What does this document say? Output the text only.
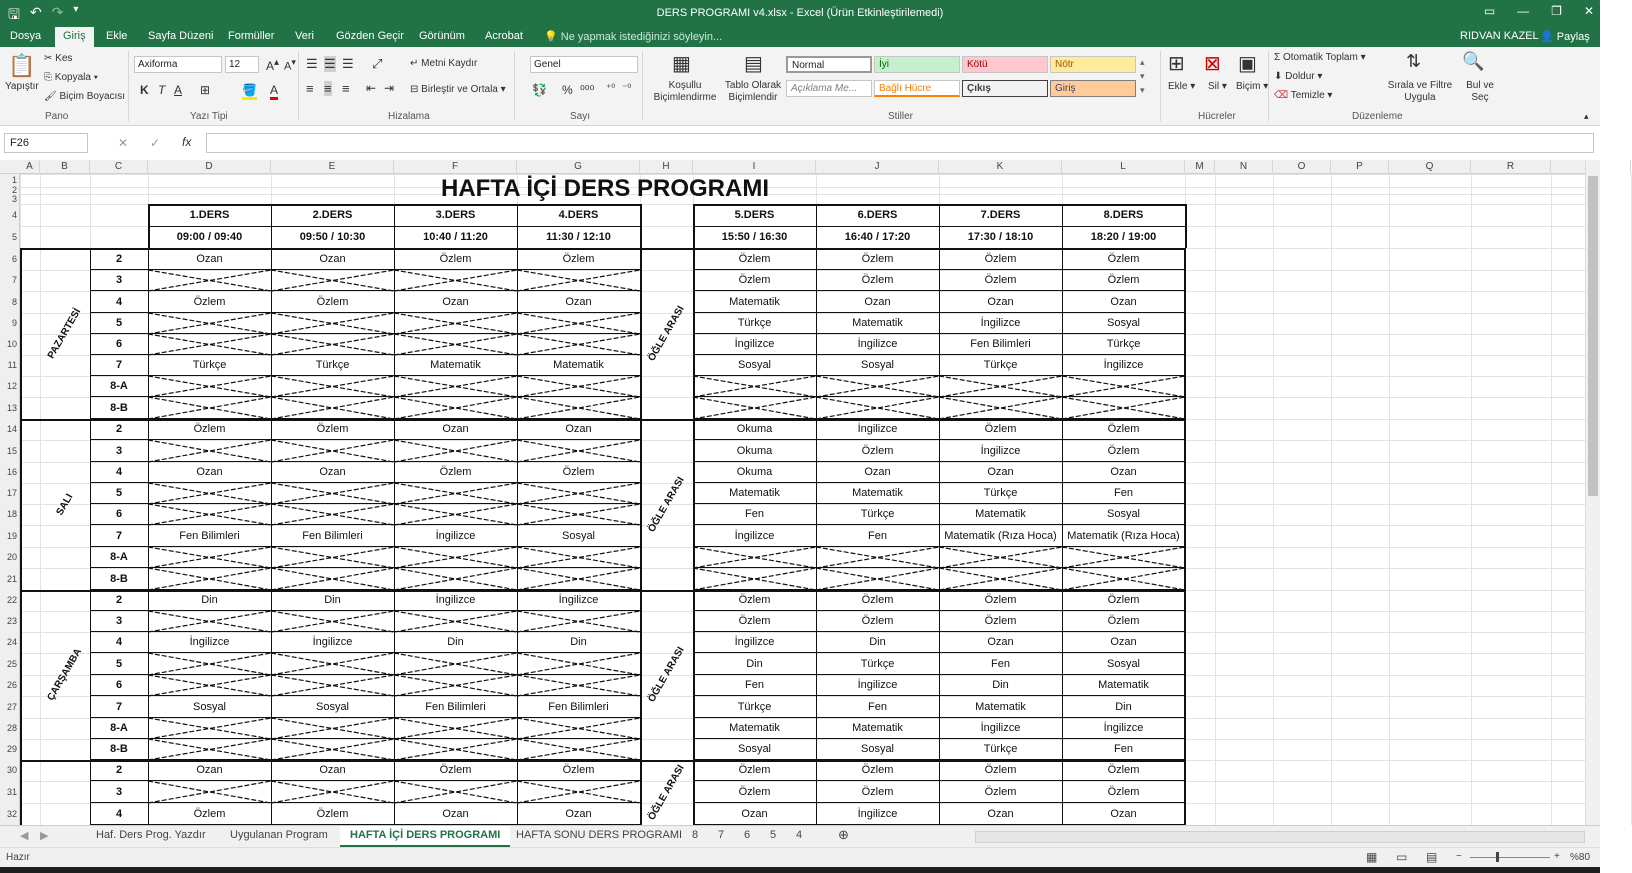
🖫 ↶ ↷ ▾	DERS PROGRAMI v4.xlsx - Excel (Ürün Etkinleştirilemedi)	▭ — ❐ ✕
Dosya	Giriş	Ekle Sayfa Düzeni Formüller Veri Gözden Geçir Görünüm Acrobat 💡 Ne yapmak istediğinizi söyleyin...	RIDVAN KAZEL 👤 Paylaş
📋
Yapıştır
✂ Kes
⎘ Kopyala ▾
🖌 Biçim Boyacısı
Pano
Axiforma	12	A▴ A▾
K T A ⊞	🪣 A
Yazı Tipi
☰ ☰ ☰ ⤢
≡ ≡ ≡ ⇤ ⇥
↵ Metni Kaydır
⊟ Birleştir ve Ortala ▾
Hizalama
Genel
💱 % ⁰⁰⁰ ⁺⁰ ⁻⁰
Sayı
▦
Koşullu Biçimlendirme
▤
Tablo Olarak Biçimlendir
Normal	İyi	Kötü	Nötr
Açıklama Me...	Bağlı Hücre	Çıkış	Giriş
▴
▾
▾
Stiller
⊞
Ekle ▾
⊠
Sil ▾
▣
Biçim ▾
Hücreler
Σ Otomatik Toplam ▾
⬇ Doldur ▾
⌫ Temizle ▾
⇅
Sırala ve Filtre Uygula
🔍
Bul ve Seç
Düzenleme	▴
F26	✕ ✓ fx
A	B	C	D	E	F	G	H	I	J	K	L	M	N	O	P	Q	R
1
2
3
4
5
6
7
8
9
10
11
12
13
14
15
16
17
18
19
20
21
22
23
24
25
26
27
28
29
30
31
32
HAFTA İÇİ DERS PROGRAMI
1.DERS
09:00 / 09:40
2.DERS
09:50 / 10:30
3.DERS
10:40 / 11:20
4.DERS
11:30 / 12:10
5.DERS
15:50 / 16:30
6.DERS
16:40 / 17:20
7.DERS
17:30 / 18:10
8.DERS
18:20 / 19:00
PAZARTESİ	ÖĞLE ARASI
2	Ozan	Ozan	Özlem	Özlem	Özlem	Özlem	Özlem	Özlem
3	Özlem	Özlem	Özlem	Özlem
4	Özlem	Özlem	Ozan	Ozan	Matematik	Ozan	Ozan	Ozan
5	Türkçe	Matematik	İngilizce	Sosyal
6	İngilizce	İngilizce	Fen Bilimleri	Türkçe
7	Türkçe	Türkçe	Matematik	Matematik	Sosyal	Sosyal	Türkçe	İngilizce
8-A
8-B
SALI	ÖĞLE ARASI
2	Özlem	Özlem	Ozan	Ozan	Okuma	İngilizce	Özlem	Özlem
3	Okuma	Özlem	İngilizce	Özlem
4	Ozan	Ozan	Özlem	Özlem	Okuma	Ozan	Ozan	Ozan
5	Matematik	Matematik	Türkçe	Fen
6	Fen	Türkçe	Matematik	Sosyal
7	Fen Bilimleri	Fen Bilimleri	İngilizce	Sosyal	İngilizce	Fen	Matematik (Rıza Hoca) Matematik (Rıza Hoca)
8-A
8-B
ÇARŞAMBA	ÖĞLE ARASI
2	Din	Din	İngilizce	İngilizce	Özlem	Özlem	Özlem	Özlem
3	Özlem	Özlem	Özlem	Özlem
4	İngilizce	İngilizce	Din	Din	İngilizce	Din	Ozan	Ozan
5	Din	Türkçe	Fen	Sosyal
6	Fen	İngilizce	Din	Matematik
7	Sosyal	Sosyal	Fen Bilimleri	Fen Bilimleri	Türkçe	Fen	Matematik	Din
8-A	Matematik	Matematik	İngilizce	İngilizce
8-B	Sosyal	Sosyal	Türkçe	Fen
ÖĞLE ARASI
2	Ozan	Ozan	Özlem	Özlem	Özlem	Özlem	Özlem	Özlem
3	Özlem	Özlem	Özlem	Özlem
4	Özlem	Özlem	Ozan	Ozan	Ozan	İngilizce	Ozan	Ozan
◀ ▶	Haf. Ders Prog. Yazdır Uygulanan Program	HAFTA İÇİ DERS PROGRAMI	HAFTA SONU DERS PROGRAMI 8 7 6 5 4	⊕
Hazır	▦ ▭ ▤ −	+ %80
